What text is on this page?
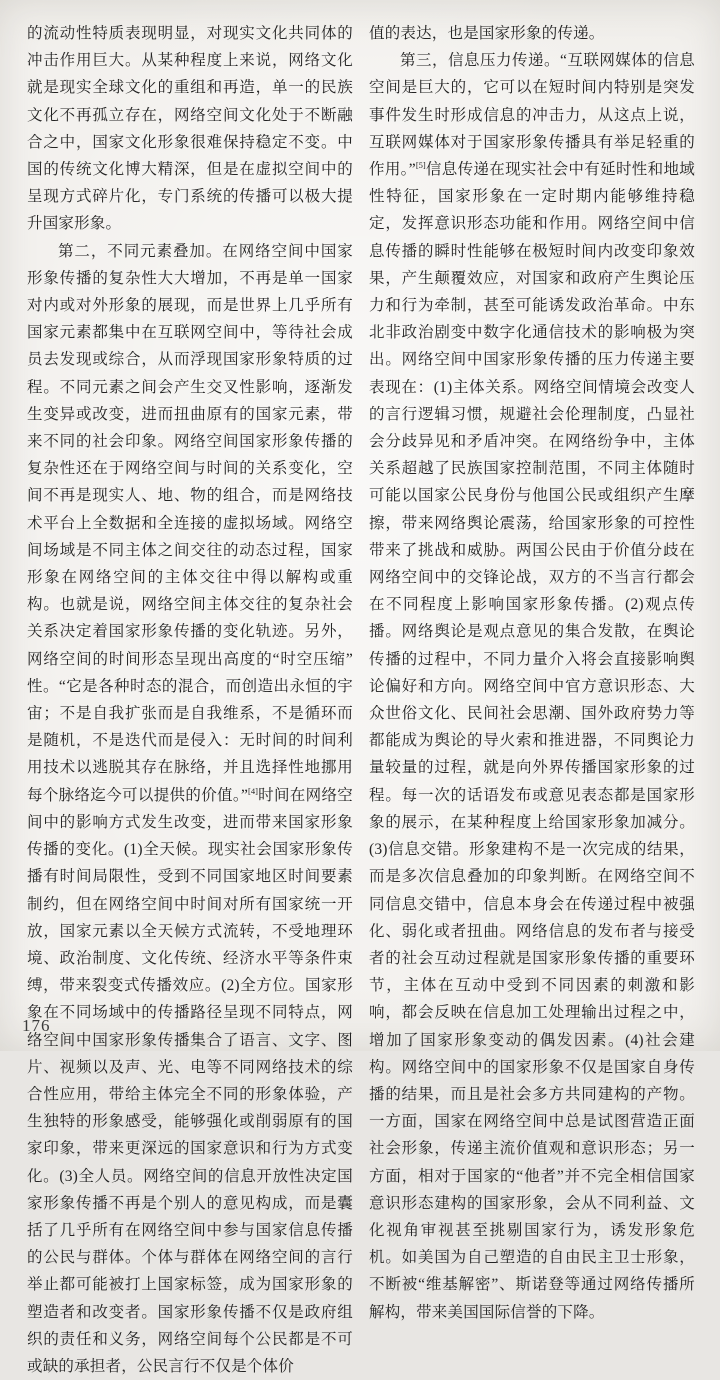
的流动性特质表现明显，对现实文化共同体的冲击作用巨大。从某种程度上来说，网络文化就是现实全球文化的重组和再造，单一的民族文化不再孤立存在，网络空间文化处于不断融合之中，国家文化形象很难保持稳定不变。中国的传统文化博大精深，但是在虚拟空间中的呈现方式碎片化，专门系统的传播可以极大提升国家形象。

第二，不同元素叠加。在网络空间中国家形象传播的复杂性大大增加，不再是单一国家对内或对外形象的展现，而是世界上几乎所有国家元素都集中在互联网空间中，等待社会成员去发现或综合，从而浮现国家形象特质的过程。不同元素之间会产生交叉性影响，逐渐发生变异或改变，进而扭曲原有的国家元素，带来不同的社会印象。网络空间国家形象传播的复杂性还在于网络空间与时间的关系变化，空间不再是现实人、地、物的组合，而是网络技术平台上全数据和全连接的虚拟场域。网络空间场域是不同主体之间交往的动态过程，国家形象在网络空间的主体交往中得以解构或重构。也就是说，网络空间主体交往的复杂社会关系决定着国家形象传播的变化轨迹。另外，网络空间的时间形态呈现出高度的“时空压缩”性。“它是各种时态的混合，而创造出永恒的宇宙；不是自我扩张而是自我维系，不是循环而是随机，不是迭代而是侵入：无时间的时间利用技术以逃脱其存在脉络，并且选择性地挪用每个脉络迄今可以提供的价值。”[4]时间在网络空间中的影响方式发生改变，进而带来国家形象传播的变化。(1)全天候。现实社会国家形象传播有时间局限性，受到不同国家地区时间要素制约，但在网络空间中时间对所有国家统一开放，国家元素以全天候方式流转，不受地理环境、政治制度、文化传统、经济水平等条件束缚，带来裂变式传播效应。(2)全方位。国家形象在不同场域中的传播路径呈现不同特点，网络空间中国家形象传播集合了语言、文字、图片、视频以及声、光、电等不同网络技术的综合性应用，带给主体完全不同的形象体验，产生独特的形象感受，能够强化或削弱原有的国家印象，带来更深远的国家意识和行为方式变化。(3)全人员。网络空间的信息开放性决定国家形象传播不再是个别人的意见构成，而是囊括了几乎所有在网络空间中参与国家信息传播的公民与群体。个体与群体在网络空间的言行举止都可能被打上国家标签，成为国家形象的塑造者和改变者。国家形象传播不仅是政府组织的责任和义务，网络空间每个公民都是不可或缺的承担者，公民言行不仅是个体价

值的表达，也是国家形象的传递。

第三，信息压力传递。“互联网媒体的信息空间是巨大的，它可以在短时间内特别是突发事件发生时形成信息的冲击力，从这点上说，互联网媒体对于国家形象传播具有举足轻重的作用。”[5]信息传递在现实社会中有延时性和地域性特征，国家形象在一定时期内能够维持稳定，发挥意识形态功能和作用。网络空间中信息传播的瞬时性能够在极短时间内改变印象效果，产生颠覆效应，对国家和政府产生舆论压力和行为牵制，甚至可能诱发政治革命。中东北非政治剧变中数字化通信技术的影响极为突出。网络空间中国家形象传播的压力传递主要表现在：(1)主体关系。网络空间情境会改变人的言行逻辑习惯，规避社会伦理制度，凸显社会分歧异见和矛盾冲突。在网络纷争中，主体关系超越了民族国家控制范围，不同主体随时可能以国家公民身份与他国公民或组织产生摩擦，带来网络舆论震荡，给国家形象的可控性带来了挑战和威胁。两国公民由于价值分歧在网络空间中的交锋论战，双方的不当言行都会在不同程度上影响国家形象传播。(2)观点传播。网络舆论是观点意见的集合发散，在舆论传播的过程中，不同力量介入将会直接影响舆论偏好和方向。网络空间中官方意识形态、大众世俗文化、民间社会思潮、国外政府势力等都能成为舆论的导火索和推进器，不同舆论力量较量的过程，就是向外界传播国家形象的过程。每一次的话语发布或意见表态都是国家形象的展示，在某种程度上给国家形象加减分。(3)信息交错。形象建构不是一次完成的结果，而是多次信息叠加的印象判断。在网络空间不同信息交错中，信息本身会在传递过程中被强化、弱化或者扭曲。网络信息的发布者与接受者的社会互动过程就是国家形象传播的重要环节，主体在互动中受到不同因素的刺激和影响，都会反映在信息加工处理输出过程之中，增加了国家形象变动的偶发因素。(4)社会建构。网络空间中的国家形象不仅是国家自身传播的结果，而且是社会多方共同建构的产物。一方面，国家在网络空间中总是试图营造正面社会形象，传递主流价值观和意识形态；另一方面，相对于国家的“他者”并不完全相信国家意识形态建构的国家形象，会从不同利益、文化视角审视甚至挑剔国家行为，诱发形象危机。如美国为自己塑造的自由民主卫士形象，不断被“维基解密”、斯诺登等通过网络传播所解构，带来美国国际信誉的下降。

176
